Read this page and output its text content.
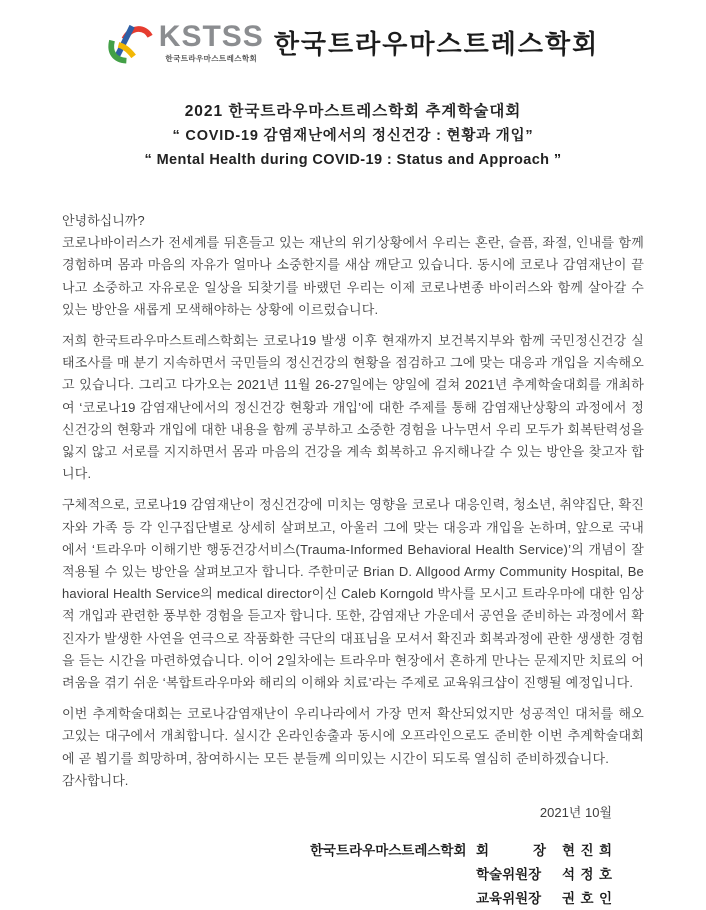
KSTSS
한국트라우마스트레스학회 한국트라우마스트레스학회
2021 한국트라우마스트레스학회 추계학술대회
“ COVID-19 감염재난에서의 정신건강 : 현황과 개입”
“ Mental Health during COVID-19 : Status and Approach ”
안녕하십니까?
코로나바이러스가 전세계를 뒤흔들고 있는 재난의 위기상황에서 우리는 혼란, 슬픔, 좌절, 인내를 함께 경험하며 몸과 마음의 자유가 얼마나 소중한지를 새삼 깨닫고 있습니다. 동시에 코로나 감염재난이 끝나고 소중하고 자유로운 일상을 되찾기를 바랬던 우리는 이제 코로나변종 바이러스와 함께 살아갈 수 있는 방안을 새롭게 모색해야하는 상황에 이르렀습니다.
저희 한국트라우마스트레스학회는 코로나19 발생 이후 현재까지 보건복지부와 함께 국민정신건강 실태조사를 매 분기 지속하면서 국민들의 정신건강의 현황을 점검하고 그에 맞는 대응과 개입을 지속해오고 있습니다. 그리고 다가오는 2021년 11월 26-27일에는 양일에 걸쳐 2021년 추계학술대회를 개최하여 ‘코로나19 감염재난에서의 정신건강 현황과 개입’에 대한 주제를 통해 감염재난상황의 과정에서 정신건강의 현황과 개입에 대한 내용을 함께 공부하고 소중한 경험을 나누면서 우리 모두가 회복탄력성을 잃지 않고 서로를 지지하면서 몸과 마음의 건강을 계속 회복하고 유지해나갈 수 있는 방안을 찾고자 합니다.
구체적으로, 코로나19 감염재난이 정신건강에 미치는 영향을 코로나 대응인력, 청소년, 취약집단, 확진자와 가족 등 각 인구집단별로 상세히 살펴보고, 아울러 그에 맞는 대응과 개입을 논하며, 앞으로 국내에서 ‘트라우마 이해기반 행동건강서비스(Trauma-Informed Behavioral Health Service)’의 개념이 잘 적용될 수 있는 방안을 살펴보고자 합니다. 주한미군 Brian D. Allgood Army Community Hospital, Behavioral Health Service의 medical director이신 Caleb Korngold 박사를 모시고 트라우마에 대한 임상적 개입과 관련한 풍부한 경험을 듣고자 합니다. 또한, 감염재난 가운데서 공연을 준비하는 과정에서 확진자가 발생한 사연을 연극으로 작품화한 극단의 대표님을 모셔서 확진과 회복과정에 관한 생생한 경험을 듣는 시간을 마련하였습니다. 이어 2일차에는 트라우마 현장에서 흔하게 만나는 문제지만 치료의 어려움을 겪기 쉬운 ‘복합트라우마와 해리의 이해와 치료’라는 주제로 교육워크샵이 진행될 예정입니다.
이번 추계학술대회는 코로나감염재난이 우리나라에서 가장 먼저 확산되었지만 성공적인 대처를 해오고있는 대구에서 개최합니다. 실시간 온라인송출과 동시에 오프라인으로도 준비한 이번 추계학술대회에 곧 뵙기를 희망하며, 참여하시는 모든 분들께 의미있는 시간이 되도록 열심히 준비하겠습니다.
감사합니다.
2021년 10월
한국트라우마스트레스학회 회 장 현 진 희
학술위원장	석 정 호
교육위원장	권 호 인
